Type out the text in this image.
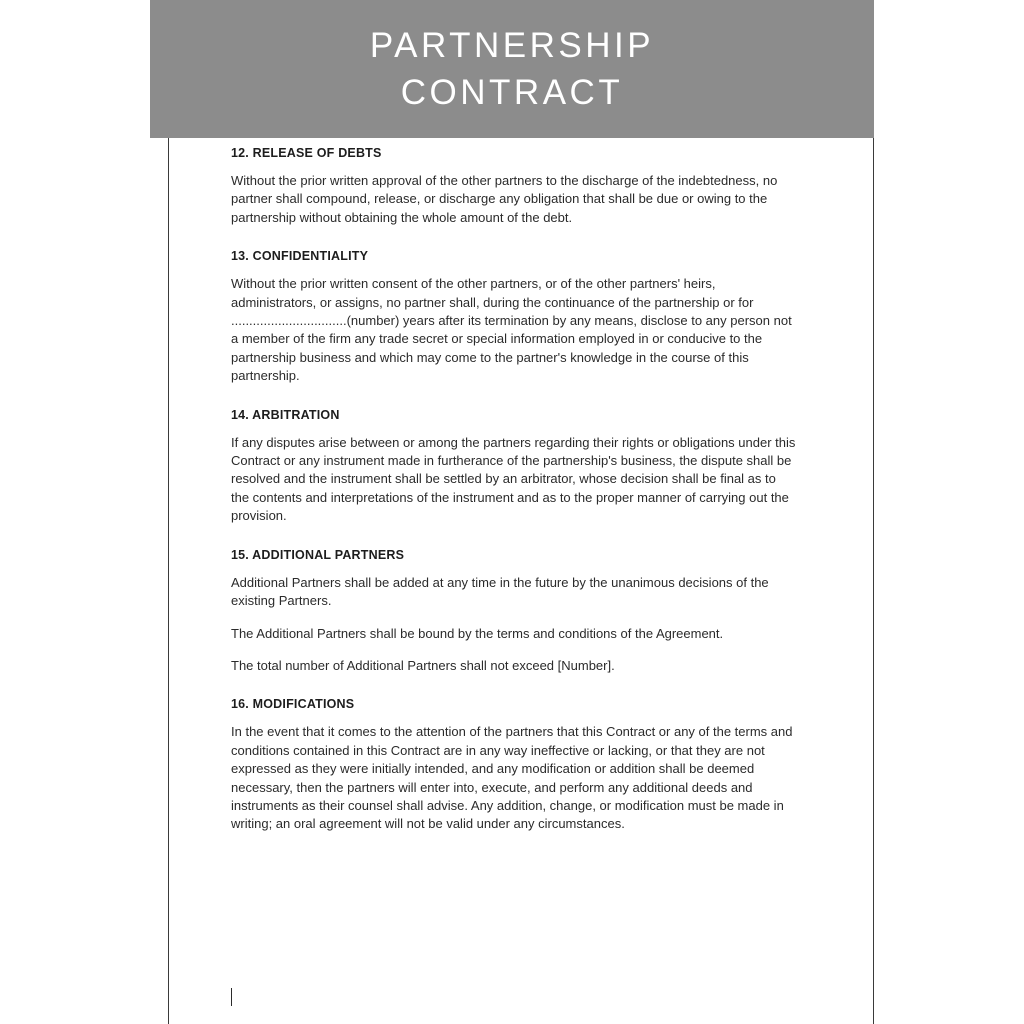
PARTNERSHIP
CONTRACT
12. RELEASE OF DEBTS

Without the prior written approval of the other partners to the discharge of the indebtedness, no partner shall compound, release, or discharge any obligation that shall be due or owing to the partnership without obtaining the whole amount of the debt.

13. CONFIDENTIALITY

Without the prior written consent of the other partners, or of the other partners' heirs, administrators, or assigns, no partner shall, during the continuance of the partnership or for ................................(number) years after its termination by any means, disclose to any person not a member of the firm any trade secret or special information employed in or conducive to the partnership business and which may come to the partner's knowledge in the course of this partnership.

14. ARBITRATION

If any disputes arise between or among the partners regarding their rights or obligations under this Contract or any instrument made in furtherance of the partnership's business, the dispute shall be resolved and the instrument shall be settled by an arbitrator, whose decision shall be final as to the contents and interpretations of the instrument and as to the proper manner of carrying out the provision.

15. ADDITIONAL PARTNERS

Additional Partners shall be added at any time in the future by the unanimous decisions of the existing Partners.

The Additional Partners shall be bound by the terms and conditions of the Agreement.

The total number of Additional Partners shall not exceed [Number].

16. MODIFICATIONS

In the event that it comes to the attention of the partners that this Contract or any of the terms and conditions contained in this Contract are in any way ineffective or lacking, or that they are not expressed as they were initially intended, and any modification or addition shall be deemed necessary, then the partners will enter into, execute, and perform any additional deeds and instruments as their counsel shall advise. Any addition, change, or modification must be made in writing; an oral agreement will not be valid under any circumstances.
